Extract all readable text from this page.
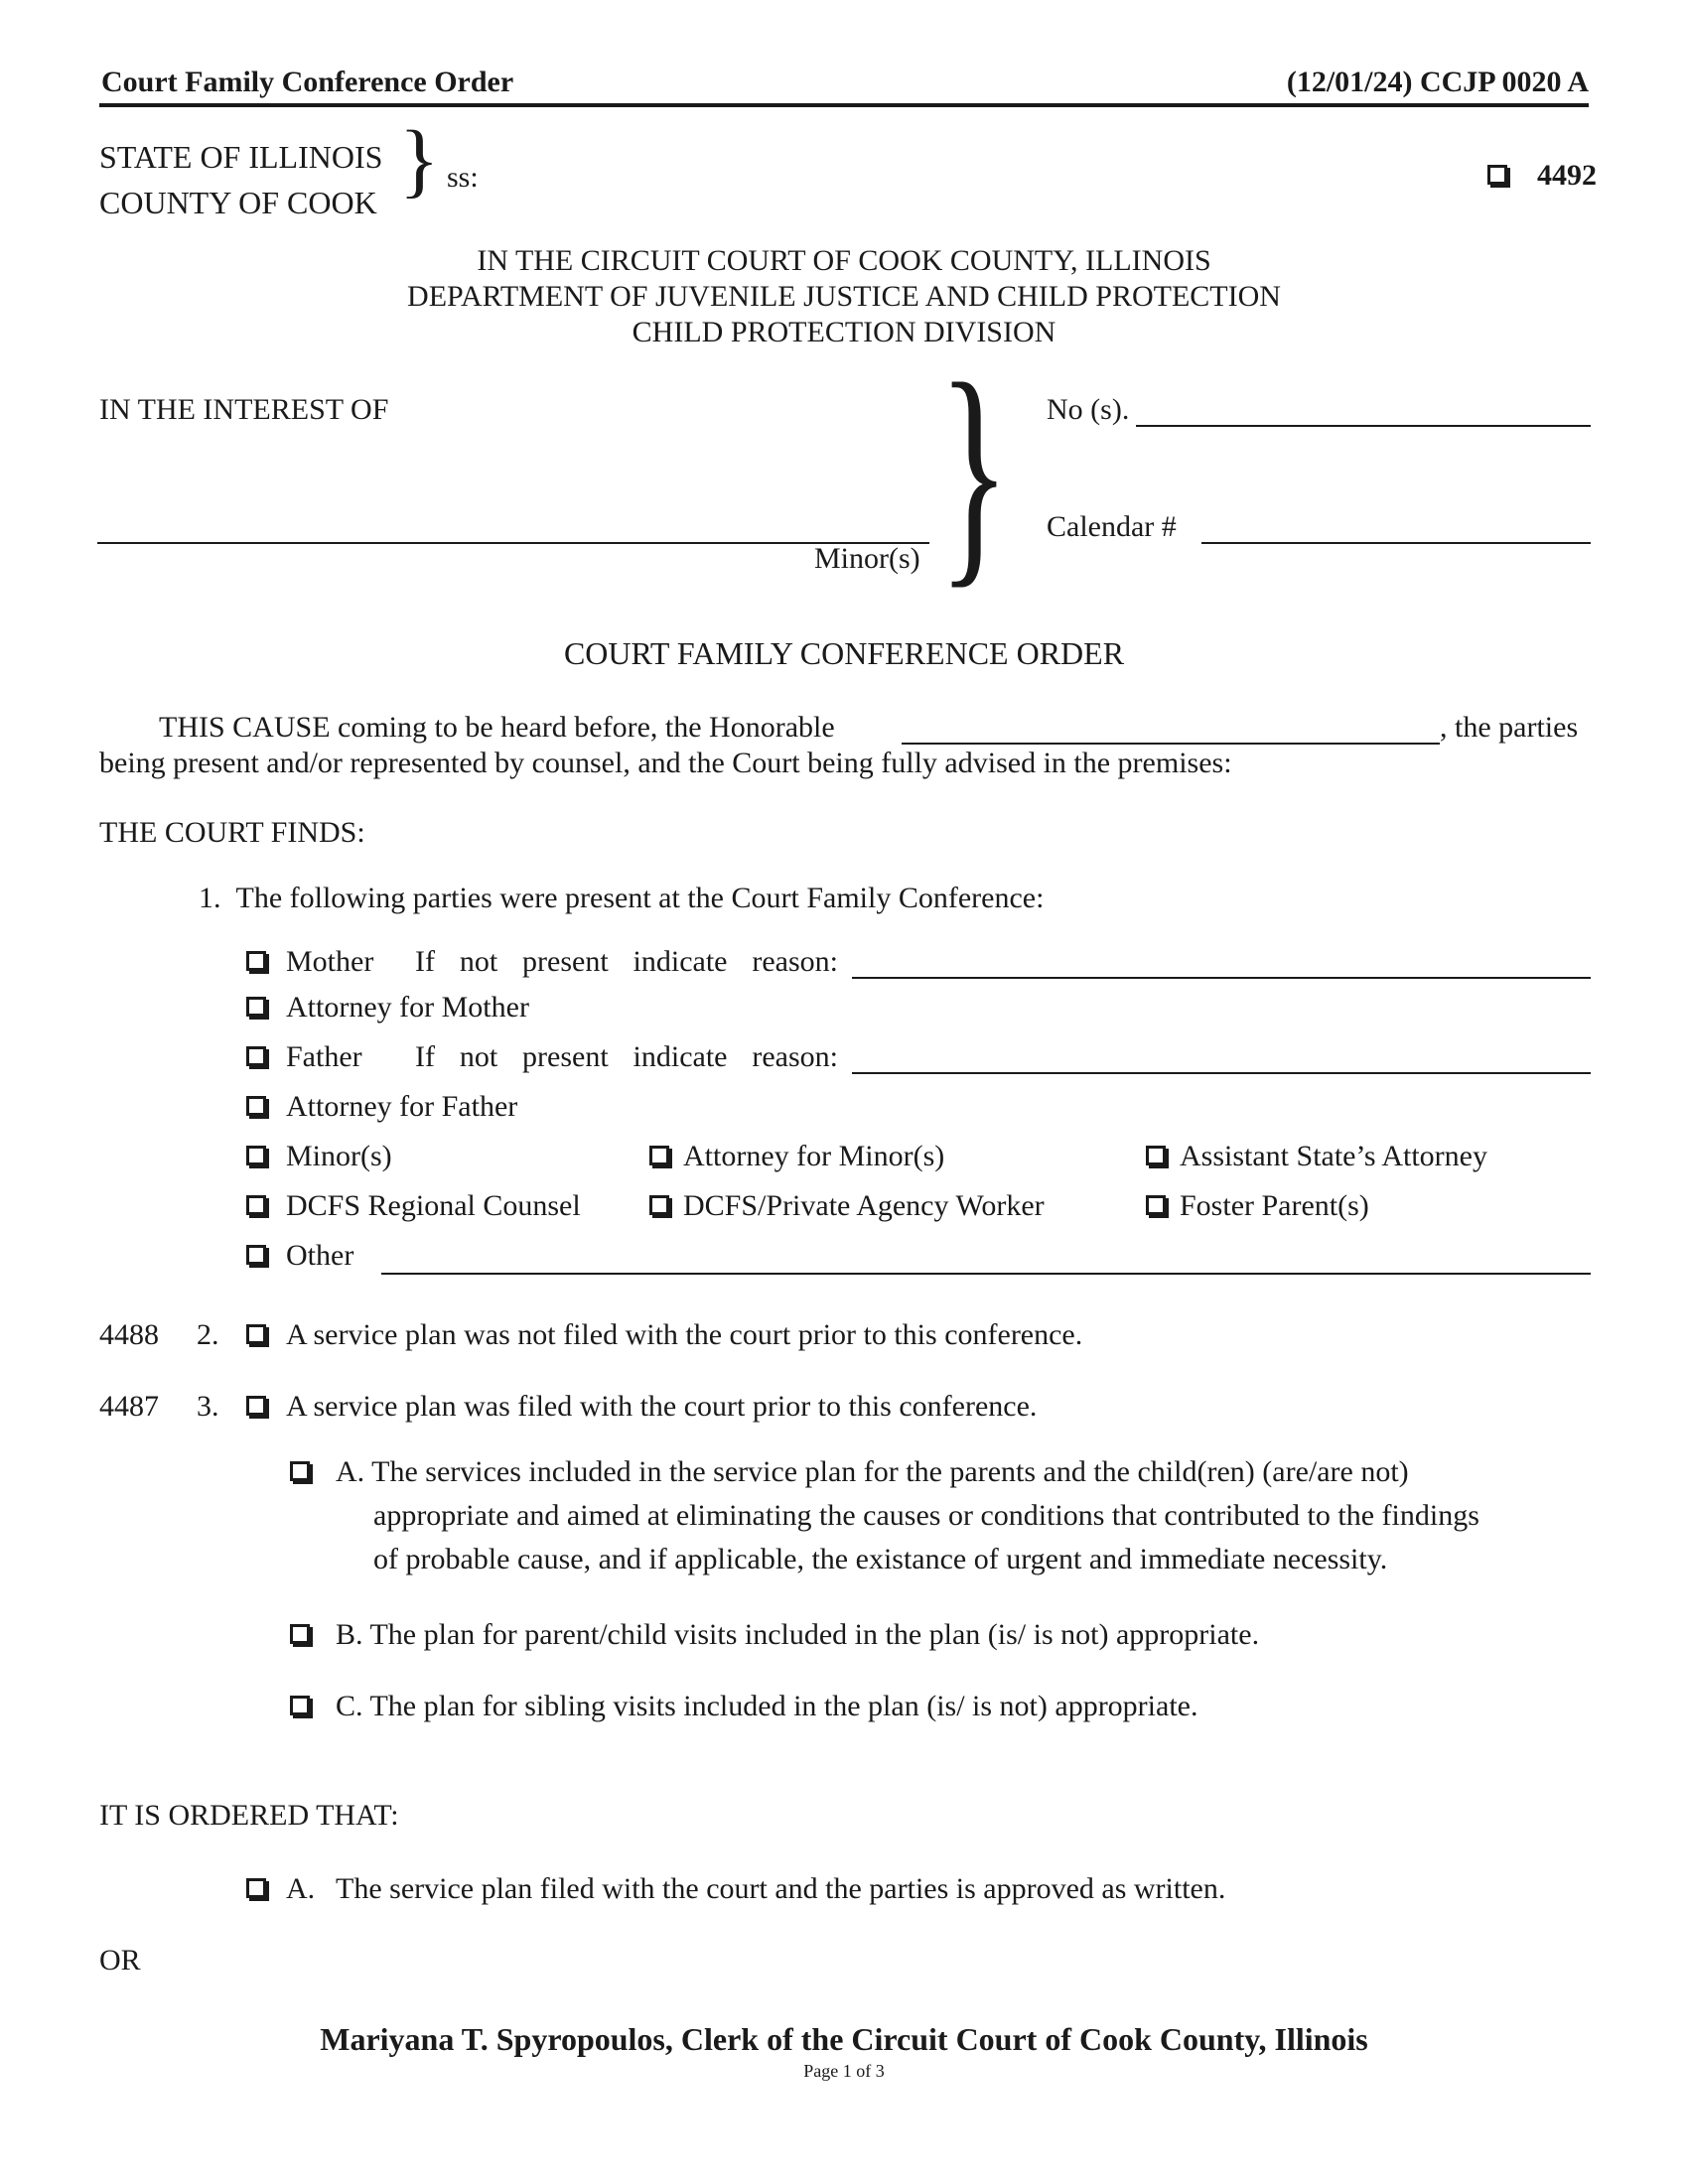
Court Family Conference Order	(12/01/24) CCJP 0020 A
STATE OF ILLINOIS
COUNTY OF COOK } ss:	4492
IN THE CIRCUIT COURT OF COOK COUNTY, ILLINOIS
DEPARTMENT OF JUVENILE JUSTICE AND CHILD PROTECTION
CHILD PROTECTION DIVISION
IN THE INTEREST OF
Minor(s) } No (s).
Calendar #
COURT FAMILY CONFERENCE ORDER
THIS CAUSE coming to be heard before, the Honorable	, the parties
being present and/or represented by counsel, and the Court being fully advised in the premises:
THE COURT FINDS:
1.  The following parties were present at the Court Family Conference:
Mother If not present indicate reason:
Attorney for Mother
Father If not present indicate reason:
Attorney for Father
Minor(s)	Attorney for Minor(s)	Assistant State’s Attorney
DCFS Regional Counsel	DCFS/Private Agency Worker	Foster Parent(s)
Other
4488 2. A service plan was not filed with the court prior to this conference.
4487 3. A service plan was filed with the court prior to this conference.
A. The services included in the service plan for the parents and the child(ren) (are/are not)
appropriate and aimed at eliminating the causes or conditions that contributed to the findings
of probable cause, and if applicable, the existance of urgent and immediate necessity.
B. The plan for parent/child visits included in the plan (is/ is not) appropriate.
C. The plan for sibling visits included in the plan (is/ is not) appropriate.
IT IS ORDERED THAT:
A. The service plan filed with the court and the parties is approved as written.
OR
Mariyana T. Spyropoulos, Clerk of the Circuit Court of Cook County, Illinois
Page 1 of 3
